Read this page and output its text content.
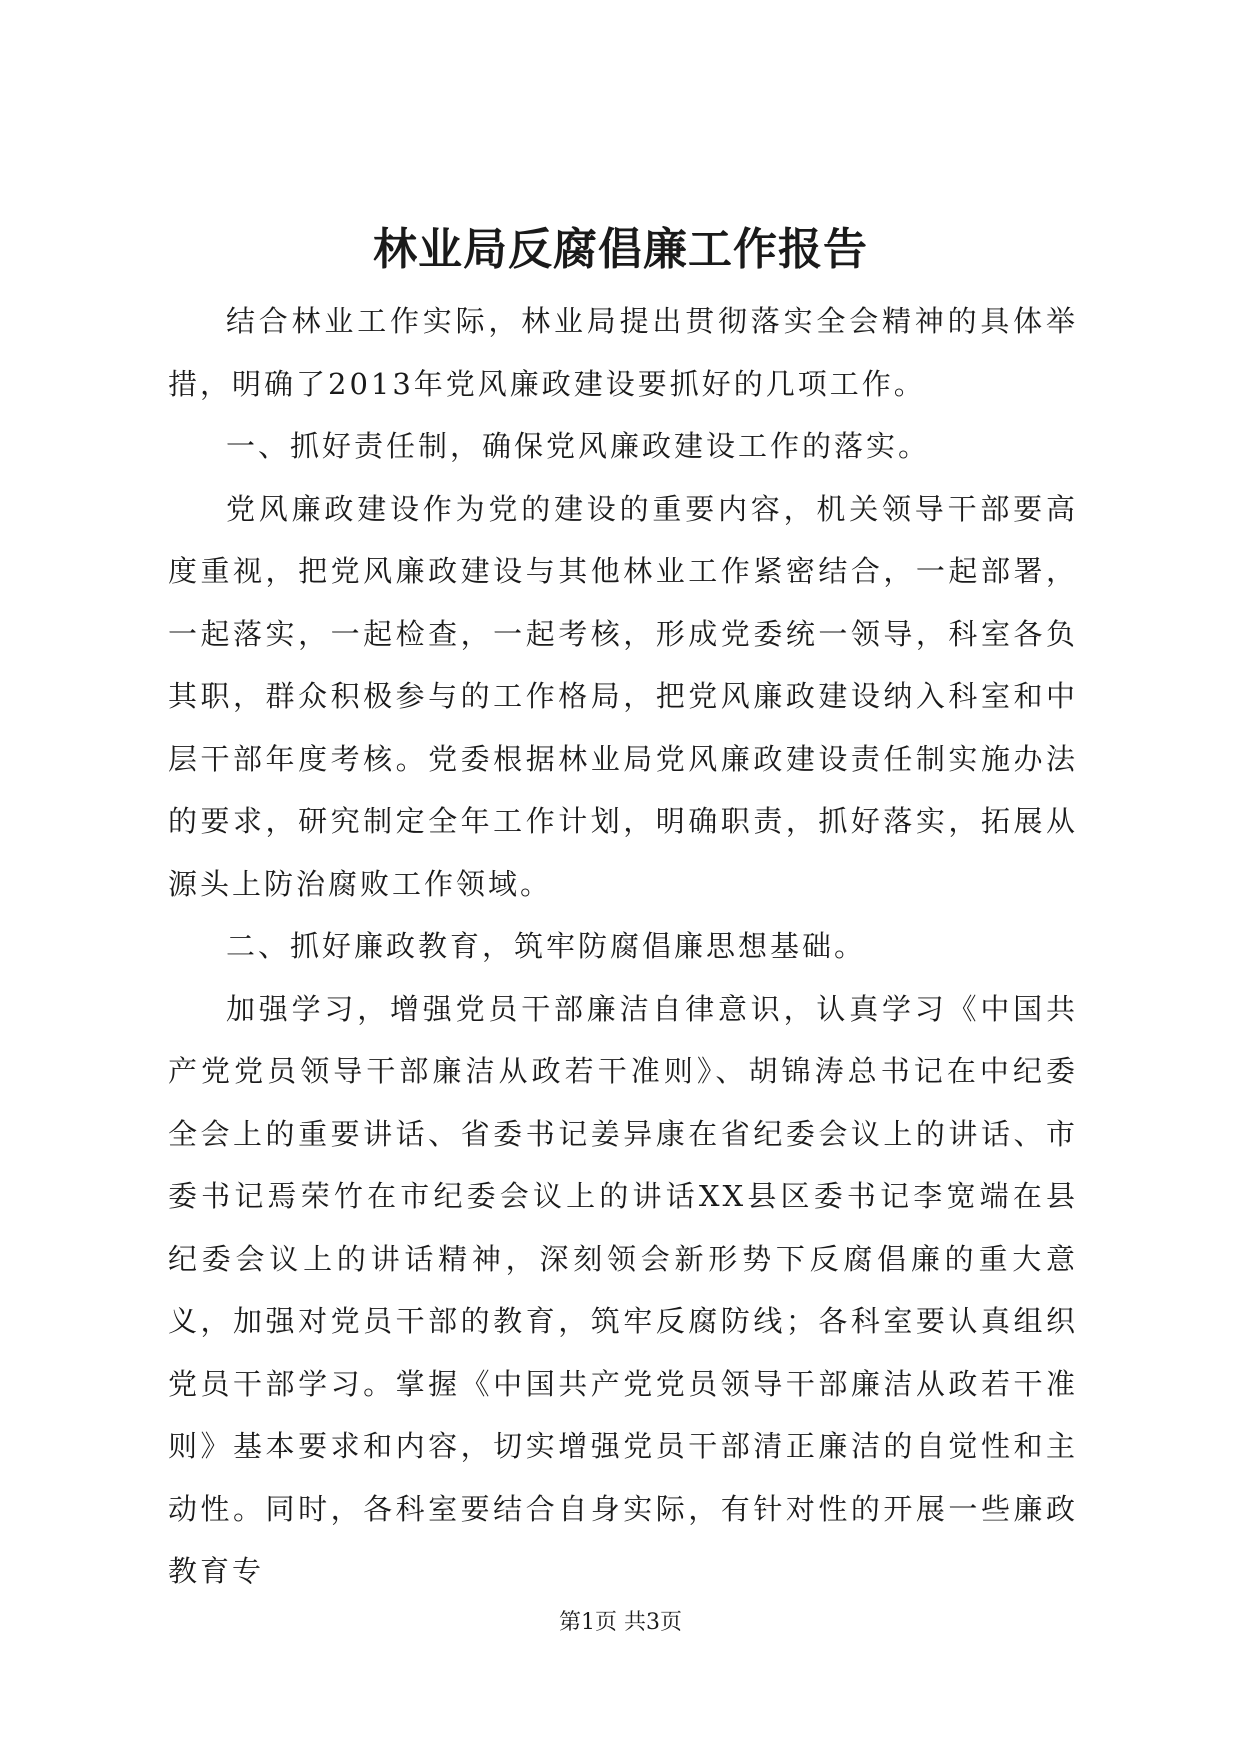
林业局反腐倡廉工作报告

结合林业工作实际，林业局提出贯彻落实全会精神的具体举措，明确了2013年党风廉政建设要抓好的几项工作。

一、抓好责任制，确保党风廉政建设工作的落实。

党风廉政建设作为党的建设的重要内容，机关领导干部要高度重视，把党风廉政建设与其他林业工作紧密结合，一起部署，一起落实，一起检查，一起考核，形成党委统一领导，科室各负其职，群众积极参与的工作格局，把党风廉政建设纳入科室和中层干部年度考核。党委根据林业局党风廉政建设责任制实施办法的要求，研究制定全年工作计划，明确职责，抓好落实，拓展从源头上防治腐败工作领域。

二、抓好廉政教育，筑牢防腐倡廉思想基础。

加强学习，增强党员干部廉洁自律意识，认真学习《中国共产党党员领导干部廉洁从政若干准则》、胡锦涛总书记在中纪委全会上的重要讲话、省委书记姜异康在省纪委会议上的讲话、市委书记焉荣竹在市纪委会议上的讲话XX县区委书记李宽端在县纪委会议上的讲话精神，深刻领会新形势下反腐倡廉的重大意义，加强对党员干部的教育，筑牢反腐防线；各科室要认真组织党员干部学习。掌握《中国共产党党员领导干部廉洁从政若干准则》基本要求和内容，切实增强党员干部清正廉洁的自觉性和主动性。同时，各科室要结合自身实际，有针对性的开展一些廉政教育专

第1页 共3页
